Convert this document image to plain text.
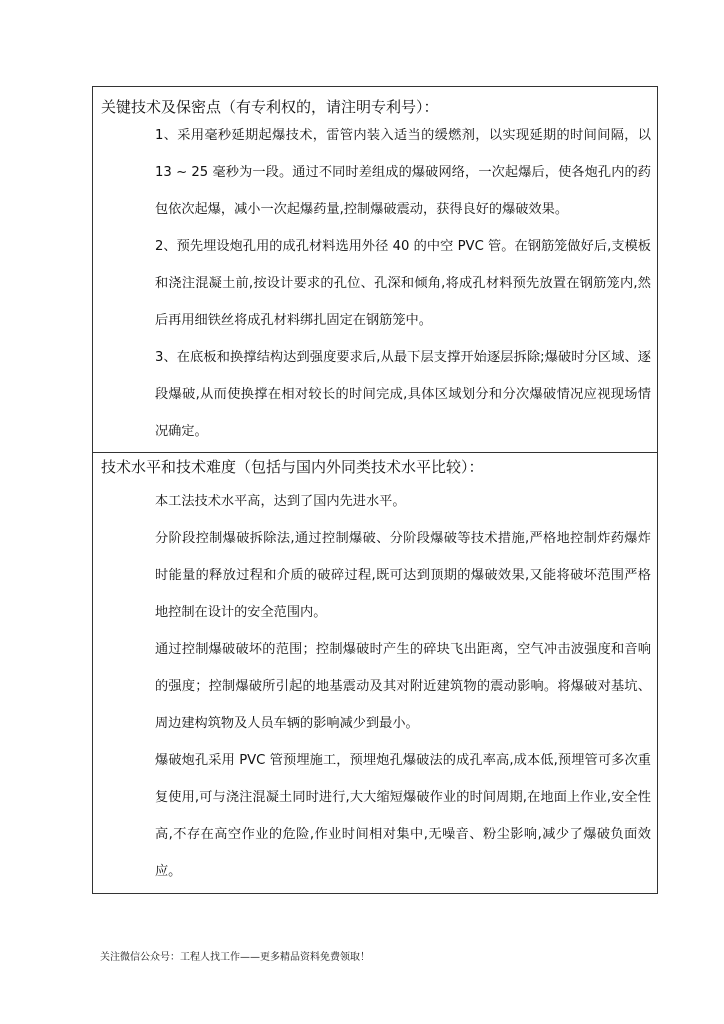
关键技术及保密点（有专利权的，请注明专利号）：

1、采用毫秒延期起爆技术，雷管内装入适当的缓燃剂，以实现延期的时间间隔，以 13 ~ 25 毫秒为一段。通过不同时差组成的爆破网络，一次起爆后，使各炮孔内的药包依次起爆，减小一次起爆药量,控制爆破震动，获得良好的爆破效果。

2、预先埋设炮孔用的成孔材料选用外径 40 的中空 PVC 管。在钢筋笼做好后,支模板和浇注混凝土前,按设计要求的孔位、孔深和倾角,将成孔材料预先放置在钢筋笼内,然后再用细铁丝将成孔材料绑扎固定在钢筋笼中。

3、在底板和换撑结构达到强度要求后,从最下层支撑开始逐层拆除;爆破时分区域、逐段爆破,从而使换撑在相对较长的时间完成,具体区域划分和分次爆破情况应视现场情况确定。

技术水平和技术难度（包括与国内外同类技术水平比较）：

本工法技术水平高，达到了国内先进水平。

分阶段控制爆破拆除法,通过控制爆破、分阶段爆破等技术措施,严格地控制炸药爆炸时能量的释放过程和介质的破碎过程,既可达到顶期的爆破效果,又能将破坏范围严格地控制在设计的安全范围内。

通过控制爆破破坏的范围；控制爆破时产生的碎块飞出距离，空气冲击波强度和音响的强度；控制爆破所引起的地基震动及其对附近建筑物的震动影响。将爆破对基坑、周边建构筑物及人员车辆的影响减少到最小。

爆破炮孔采用 PVC 管预埋施工，预埋炮孔爆破法的成孔率高,成本低,预埋管可多次重复使用,可与浇注混凝土同时进行,大大缩短爆破作业的时间周期,在地面上作业,安全性高,不存在高空作业的危险,作业时间相对集中,无噪音、粉尘影响,减少了爆破负面效应。

关注微信公众号：工程人找工作——更多精品资料免费领取！
